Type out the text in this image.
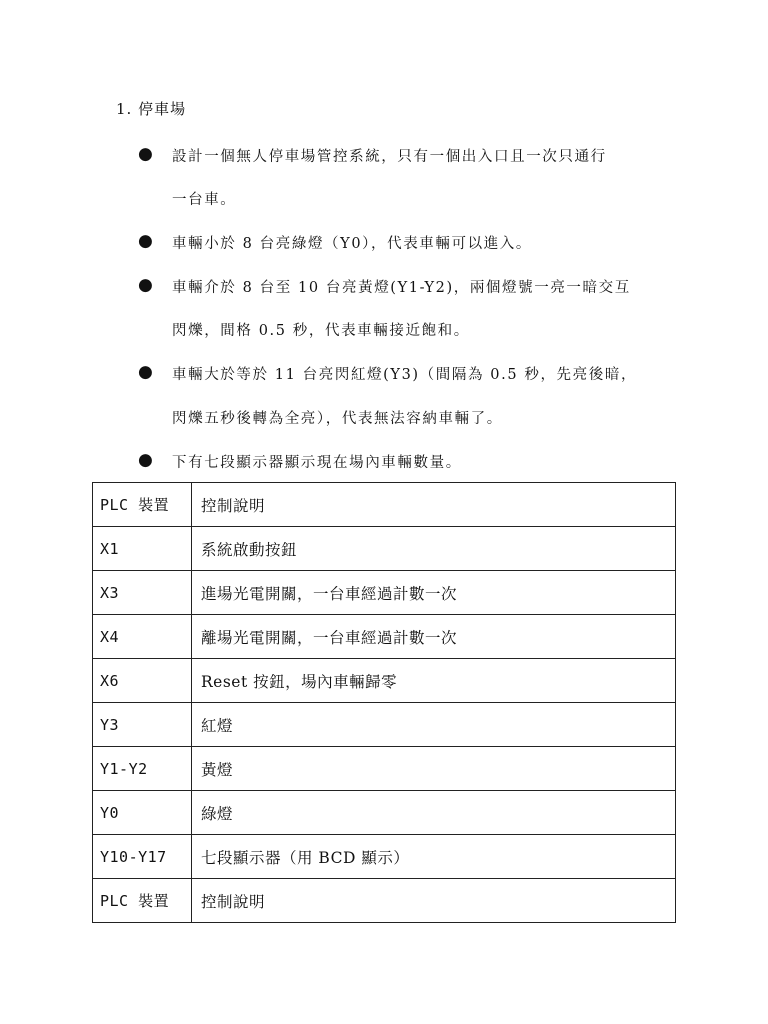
1. 停車場
● 設計一個無人停車場管控系統，只有一個出入口且一次只通行
一台車。
● 車輛小於 8 台亮綠燈（Y0），代表車輛可以進入。
● 車輛介於 8 台至 10 台亮黃燈(Y1-Y2)，兩個燈號一亮一暗交互
閃爍，間格 0.5 秒，代表車輛接近飽和。
● 車輛大於等於 11 台亮閃紅燈(Y3)（間隔為 0.5 秒，先亮後暗，
閃爍五秒後轉為全亮），代表無法容納車輛了。
● 下有七段顯示器顯示現在場內車輛數量。
PLC 裝置	控制說明
X1	系統啟動按鈕
X3	進場光電開關，一台車經過計數一次
X4	離場光電開關，一台車經過計數一次
X6	Reset 按鈕，場內車輛歸零
Y3	紅燈
Y1-Y2	黃燈
Y0	綠燈
Y10-Y17	七段顯示器（用 BCD 顯示）
PLC 裝置	控制說明
